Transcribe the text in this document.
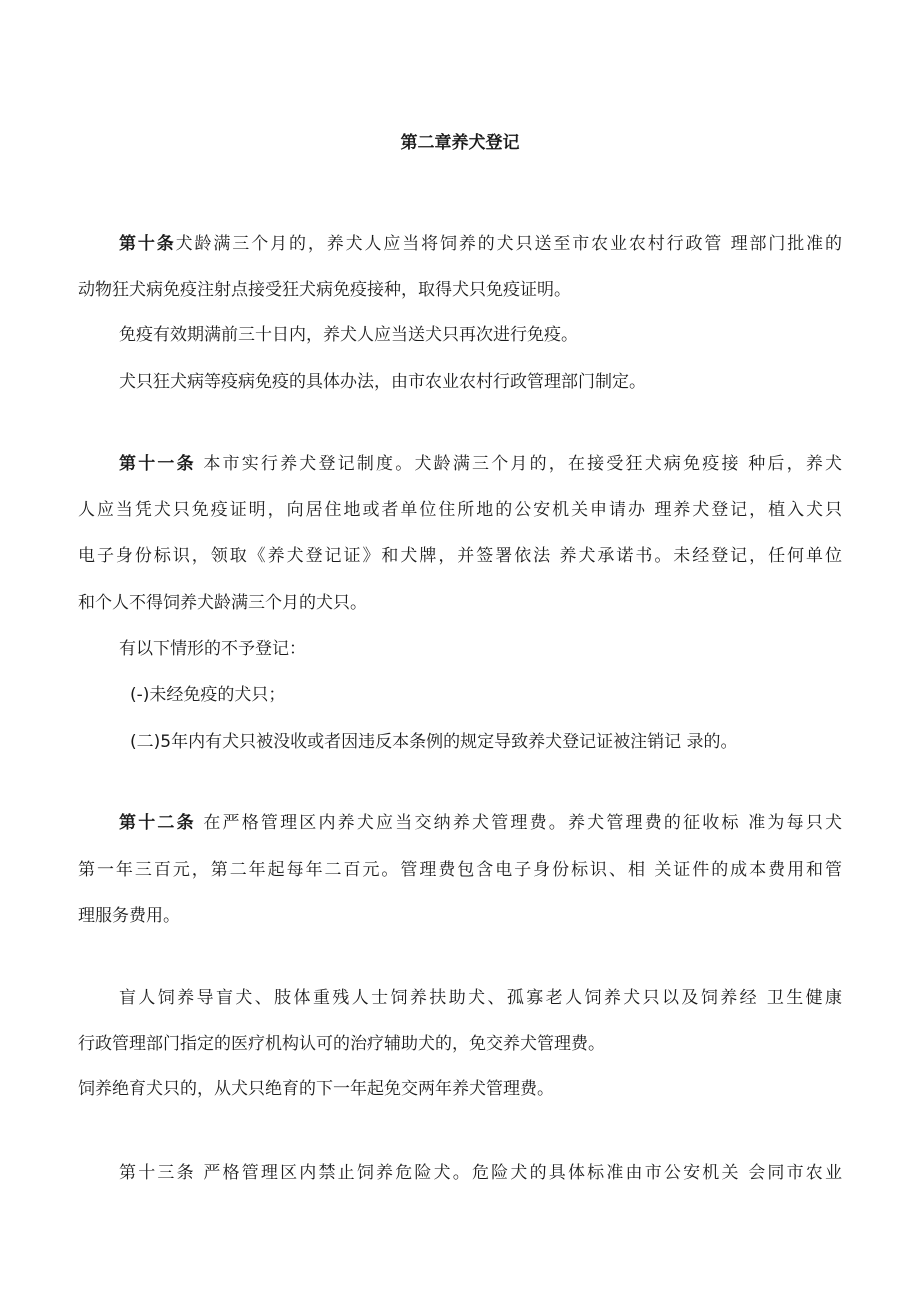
第二章养犬登记
第十条犬龄满三个月的，养犬人应当将饲养的犬只送至市农业农村行政管 理部门批准的
动物狂犬病免疫注射点接受狂犬病免疫接种，取得犬只免疫证明。
免疫有效期满前三十日内，养犬人应当送犬只再次进行免疫。
犬只狂犬病等疫病免疫的具体办法，由市农业农村行政管理部门制定。
第十一条 本市实行养犬登记制度。犬龄满三个月的，在接受狂犬病免疫接 种后，养犬
人应当凭犬只免疫证明，向居住地或者单位住所地的公安机关申请办 理养犬登记，植入犬只
电子身份标识，领取《养犬登记证》和犬牌，并签署依法 养犬承诺书。未经登记，任何单位
和个人不得饲养犬龄满三个月的犬只。
有以下情形的不予登记：
(-)未经免疫的犬只；
(二)5年内有犬只被没收或者因违反本条例的规定导致养犬登记证被注销记 录的。
第十二条 在严格管理区内养犬应当交纳养犬管理费。养犬管理费的征收标 准为每只犬
第一年三百元，第二年起每年二百元。管理费包含电子身份标识、相 关证件的成本费用和管
理服务费用。
盲人饲养导盲犬、肢体重残人士饲养扶助犬、孤寡老人饲养犬只以及饲养经 卫生健康
行政管理部门指定的医疗机构认可的治疗辅助犬的，免交养犬管理费。
饲养绝育犬只的，从犬只绝育的下一年起免交两年养犬管理费。
第十三条 严格管理区内禁止饲养危险犬。危险犬的具体标准由市公安机关 会同市农业
